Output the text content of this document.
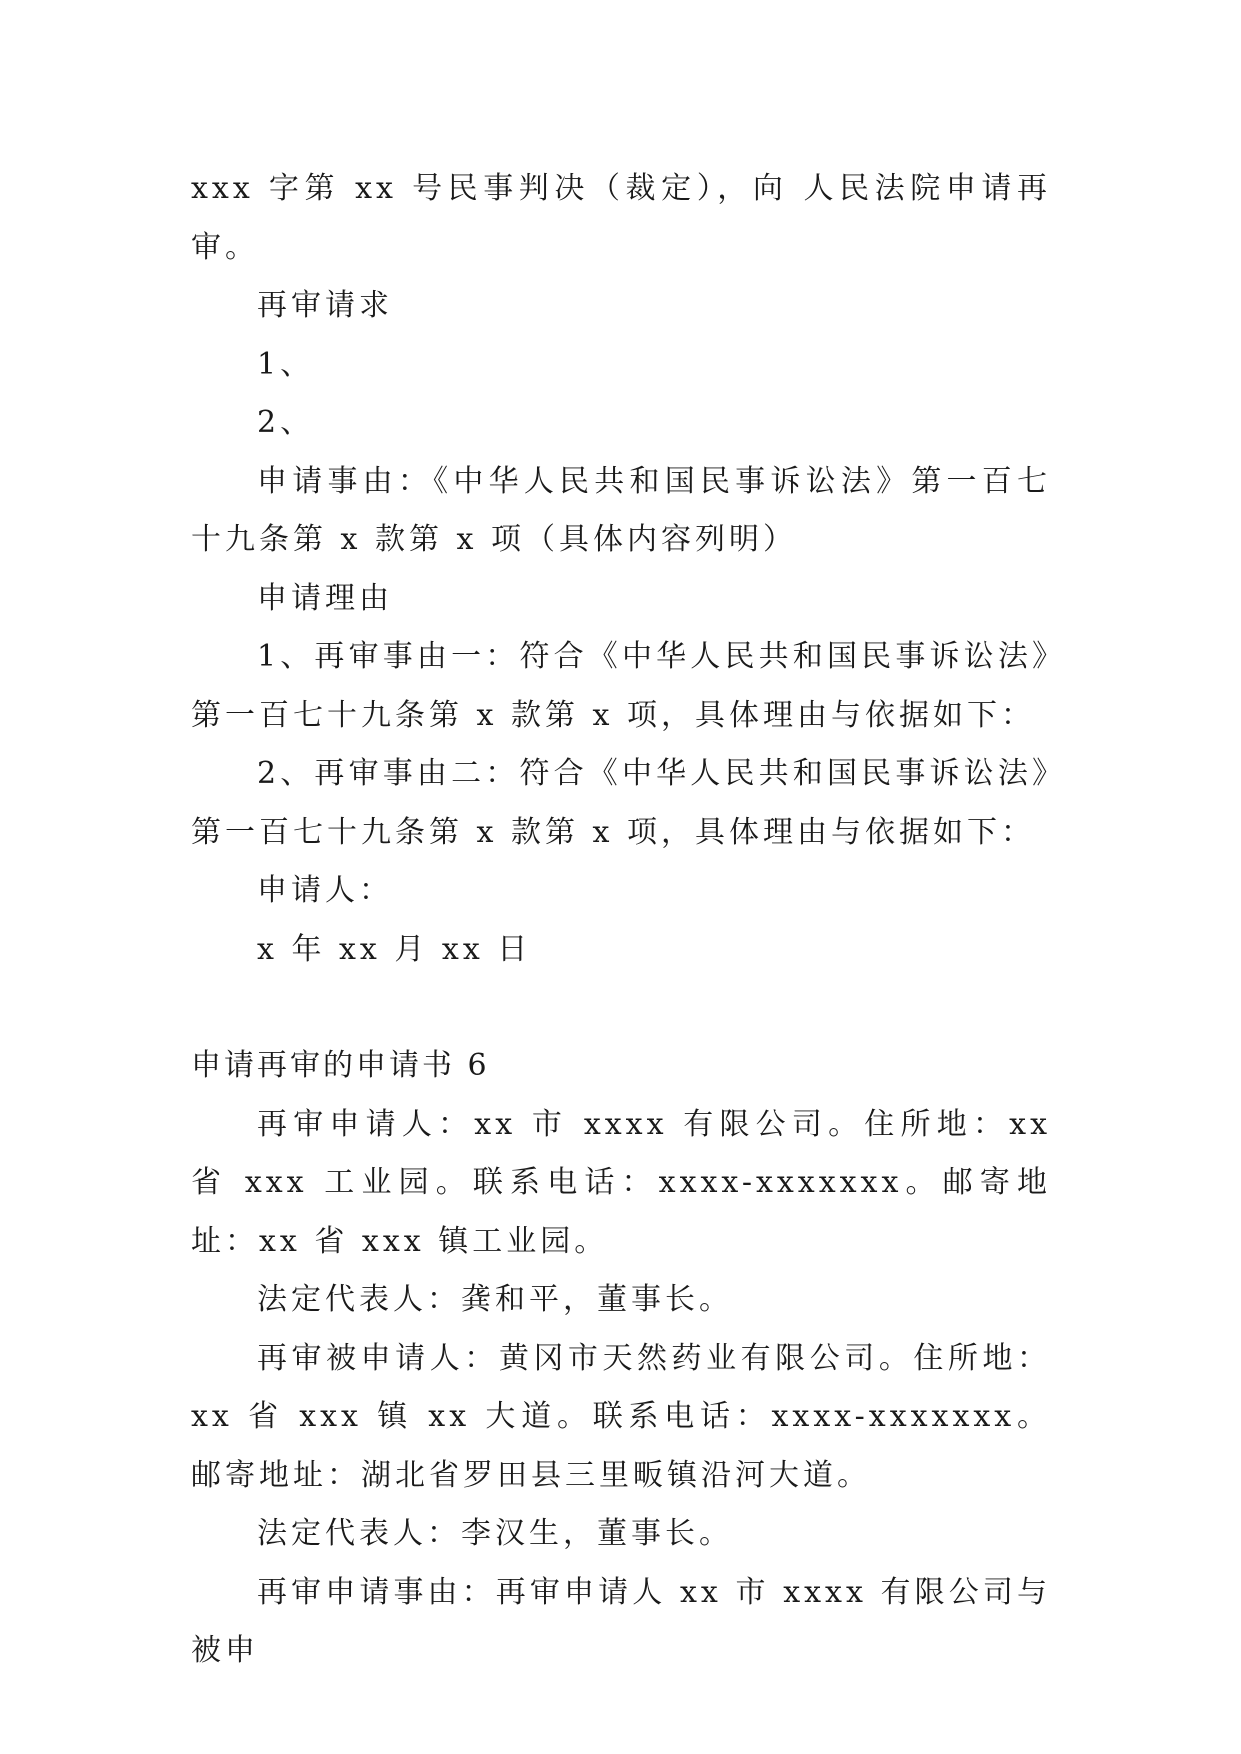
xxx 字第 xx 号民事判决（裁定），向 人民法院申请再审。

再审请求

1、

2、

申请事由：《中华人民共和国民事诉讼法》第一百七十九条第 x 款第 x 项（具体内容列明）

申请理由

1、再审事由一：符合《中华人民共和国民事诉讼法》第一百七十九条第 x 款第 x 项，具体理由与依据如下：

2、再审事由二：符合《中华人民共和国民事诉讼法》第一百七十九条第 x 款第 x 项，具体理由与依据如下：

申请人：

x 年 xx 月 xx 日

申请再审的申请书 6

再审申请人：xx 市 xxxx 有限公司。住所地：xx 省 xxx 工业园。联系电话：xxxx-xxxxxxx。邮寄地址：xx 省 xxx 镇工业园。

法定代表人：龚和平，董事长。

再审被申请人：黄冈市天然药业有限公司。住所地：xx 省 xxx 镇 xx 大道。联系电话：xxxx-xxxxxxx。邮寄地址：湖北省罗田县三里畈镇沿河大道。

法定代表人：李汉生，董事长。

再审申请事由：再审申请人 xx 市 xxxx 有限公司与被申
